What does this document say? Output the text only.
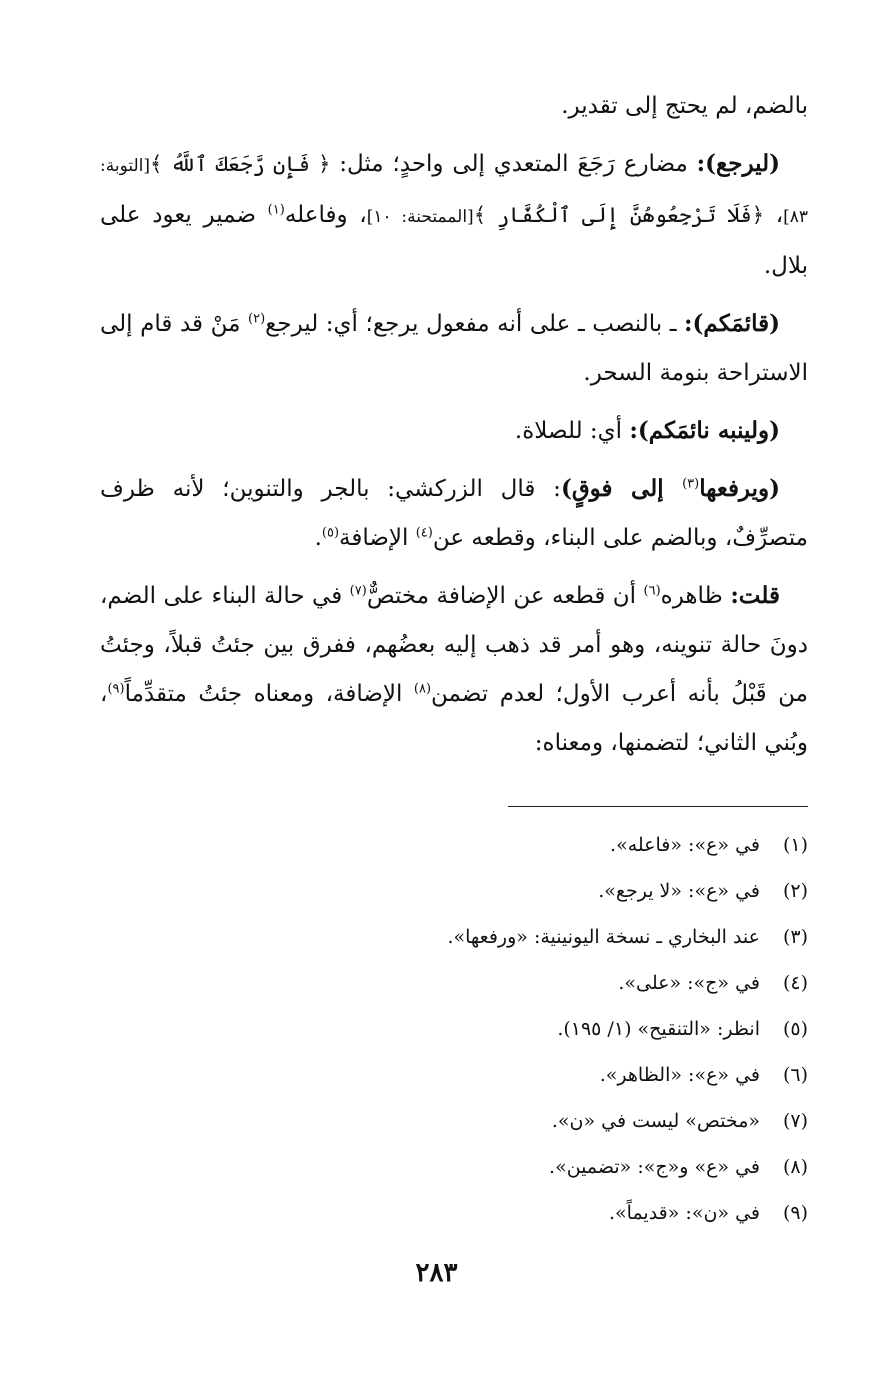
بالضم، لم يحتج إلى تقدير.

(ليرجع): مضارع رَجَعَ المتعدي إلى واحدٍ؛ مثل: ﴿ فَإِن رَّجَعَكَ ٱللَّهُ ﴾[التوبة: ٨٣]، ﴿فَلَا تَرْجِعُوهُنَّ إِلَى ٱلْكُفَّارِ ﴾[الممتحنة: ١٠]، وفاعله$^{(١)}$ ضمير يعود على بلال.

(قائمَكم): ـ بالنصب ـ على أنه مفعول يرجع؛ أي: ليرجع$^{(٢)}$ مَنْ قد قام إلى الاستراحة بنومة السحر.

(ولينبه نائمَكم): أي: للصلاة.

(ويرفعها$^{(٣)}$ إلى فوقٍ): قال الزركشي: بالجر والتنوين؛ لأنه ظرف متصرِّفٌ، وبالضم على البناء، وقطعه عن$^{(٤)}$ الإضافة$^{(٥)}$.

قلت: ظاهره$^{(٦)}$ أن قطعه عن الإضافة مختصٌّ$^{(٧)}$ في حالة البناء على الضم، دونَ حالة تنوينه، وهو أمر قد ذهب إليه بعضُهم، ففرق بين جئتُ قبلاً، وجئتُ من قَبْلُ بأنه أعرب الأول؛ لعدم تضمن$^{(٨)}$ الإضافة، ومعناه جئتُ متقدِّماً$^{(٩)}$، وبُني الثاني؛ لتضمنها، ومعناه:

(١)في «ع»: «فاعله».
(٢)في «ع»: «لا يرجع».
(٣)عند البخاري ـ نسخة اليونينية: «ورفعها».
(٤)في «ج»: «على».
(٥)انظر: «التنقيح» (١/ ١٩٥).
(٦)في «ع»: «الظاهر».
(٧)«مختص» ليست في «ن».
(٨)في «ع» و«ج»: «تضمين».
(٩)في «ن»: «قديماً».
٢٨٣
